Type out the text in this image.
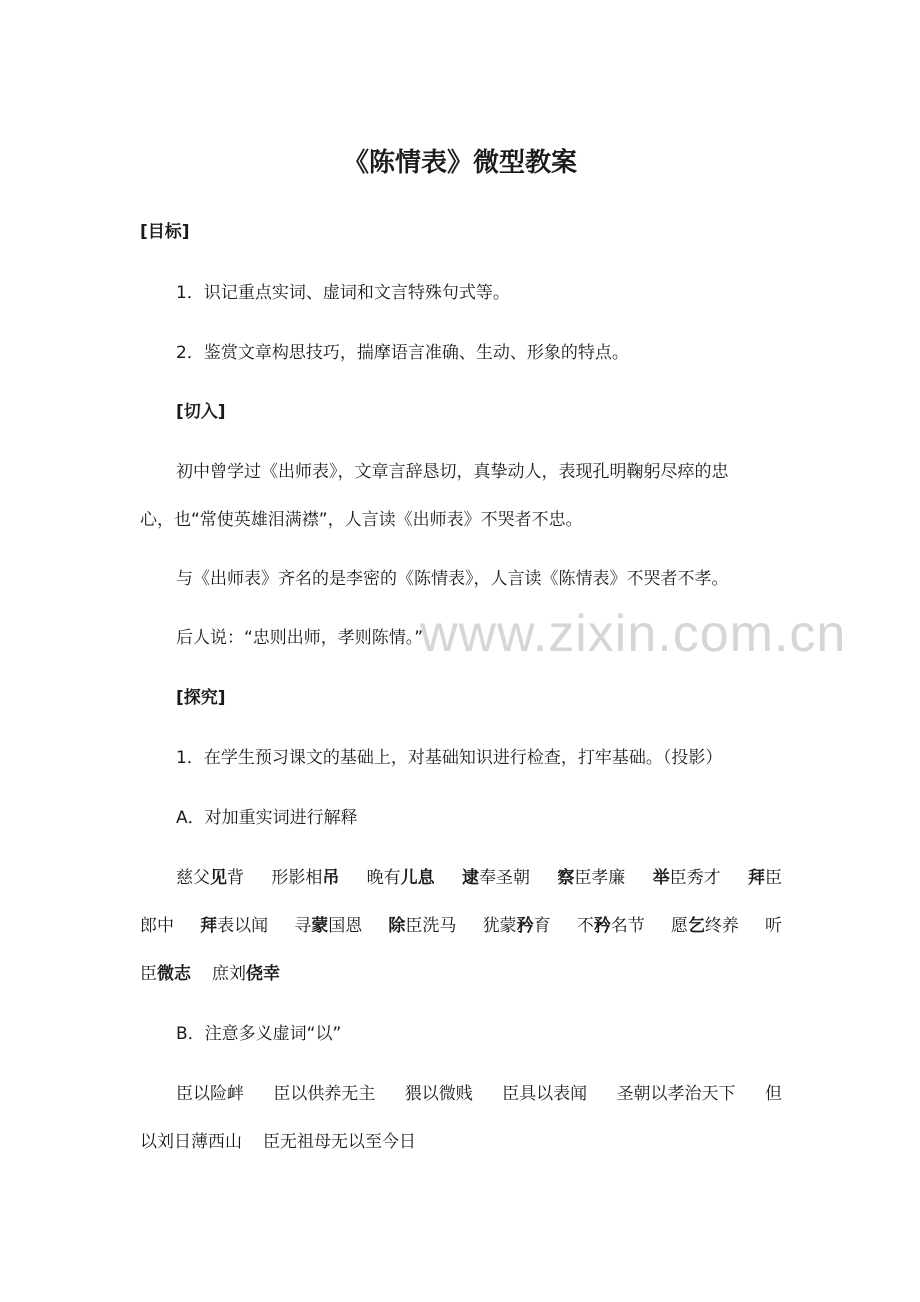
www.zixin.com.cn
《陈情表》微型教案
[目标]
1．识记重点实词、虚词和文言特殊句式等。
2．鉴赏文章构思技巧，揣摩语言准确、生动、形象的特点。
[切入]
初中曾学过《出师表》，文章言辞恳切，真挚动人，表现孔明鞠躬尽瘁的忠
心，也“常使英雄泪满襟”，人言读《出师表》不哭者不忠。
与《出师表》齐名的是李密的《陈情表》，人言读《陈情表》不哭者不孝。
后人说：“忠则出师，孝则陈情。”
[探究]
1．在学生预习课文的基础上，对基础知识进行检查，打牢基础。（投影）
A．对加重实词进行解释
慈父见背 形影相吊 晚有儿息 逮奉圣朝 察臣孝廉 举臣秀才 拜臣
郎中 拜表以闻 寻蒙国恩 除臣洗马 犹蒙矜育 不矜名节 愿乞终养 听
臣微志 庶刘侥幸
B．注意多义虚词“以”
臣以险衅 臣以供养无主 猥以微贱 臣具以表闻 圣朝以孝治天下 但
以刘日薄西山 臣无祖母无以至今日
